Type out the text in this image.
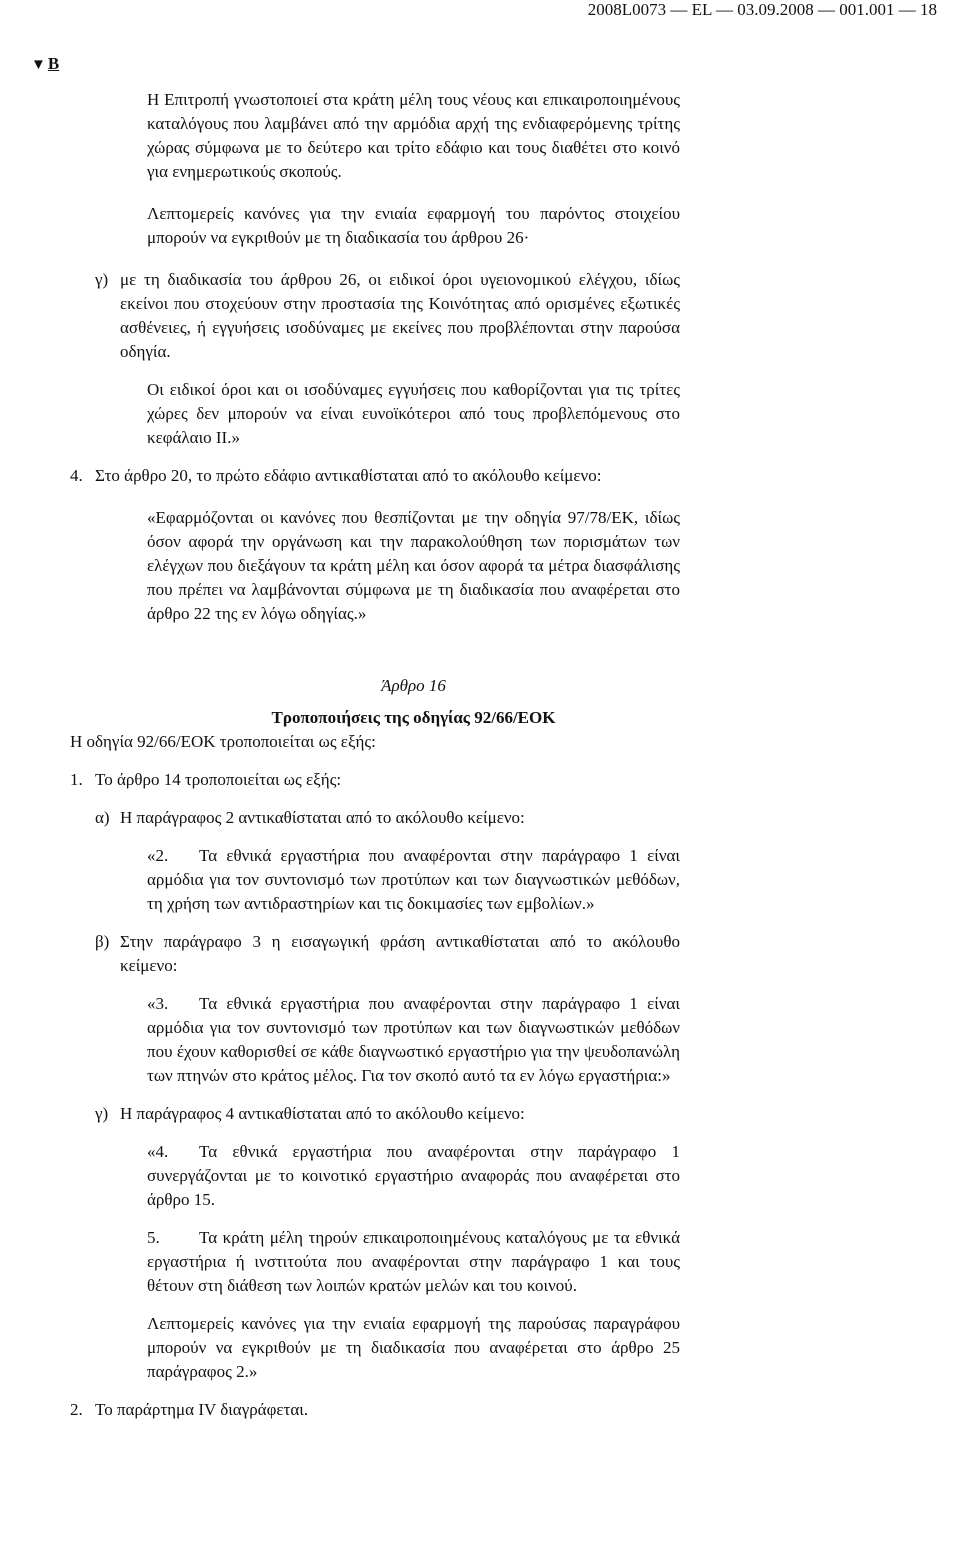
2008L0073 — EL — 03.09.2008 — 001.001 — 18
▼ B

Η Επιτροπή γνωστοποιεί στα κράτη μέλη τους νέους και επικαιροποιημένους καταλόγους που λαμβάνει από την αρμόδια αρχή της ενδιαφερόμενης τρίτης χώρας σύμφωνα με το δεύτερο και τρίτο εδάφιο και τους διαθέτει στο κοινό για ενημερωτικούς σκοπούς.

Λεπτομερείς κανόνες για την ενιαία εφαρμογή του παρόντος στοιχείου μπορούν να εγκριθούν με τη διαδικασία του άρθρου 26·

γ) με τη διαδικασία του άρθρου 26, οι ειδικοί όροι υγειονομικού ελέγχου, ιδίως εκείνοι που στοχεύουν στην προστασία της Κοινότητας από ορισμένες εξωτικές ασθένειες, ή εγγυήσεις ισοδύναμες με εκείνες που προβλέπονται στην παρούσα οδηγία.

Οι ειδικοί όροι και οι ισοδύναμες εγγυήσεις που καθορίζονται για τις τρίτες χώρες δεν μπορούν να είναι ευνοϊκότεροι από τους προβλεπόμενους στο κεφάλαιο ΙΙ.»

4. Στο άρθρο 20, το πρώτο εδάφιο αντικαθίσταται από το ακόλουθο κείμενο:

«Εφαρμόζονται οι κανόνες που θεσπίζονται με την οδηγία 97/78/ΕΚ, ιδίως όσον αφορά την οργάνωση και την παρακολούθηση των πορισμάτων των ελέγχων που διεξάγουν τα κράτη μέλη και όσον αφορά τα μέτρα διασφάλισης που πρέπει να λαμβάνονται σύμφωνα με τη διαδικασία που αναφέρεται στο άρθρο 22 της εν λόγω οδηγίας.»

Άρθρο 16
Τροποποιήσεις της οδηγίας 92/66/ΕΟΚ

Η οδηγία 92/66/ΕΟΚ τροποποιείται ως εξής:

1. Το άρθρο 14 τροποποιείται ως εξής:
α) Η παράγραφος 2 αντικαθίσταται από το ακόλουθο κείμενο:

«2. Τα εθνικά εργαστήρια που αναφέρονται στην παράγραφο 1 είναι αρμόδια για τον συντονισμό των προτύπων και των διαγνωστικών μεθόδων, τη χρήση των αντιδραστηρίων και τις δοκιμασίες των εμβολίων.»

β) Στην παράγραφο 3 η εισαγωγική φράση αντικαθίσταται από το ακόλουθο κείμενο:

«3. Τα εθνικά εργαστήρια που αναφέρονται στην παράγραφο 1 είναι αρμόδια για τον συντονισμό των προτύπων και των διαγνωστικών μεθόδων που έχουν καθορισθεί σε κάθε διαγνωστικό εργαστήριο για την ψευδοπανώλη των πτηνών στο κράτος μέλος. Για τον σκοπό αυτό τα εν λόγω εργαστήρια:»

γ) Η παράγραφος 4 αντικαθίσταται από το ακόλουθο κείμενο:

«4. Τα εθνικά εργαστήρια που αναφέρονται στην παράγραφο 1 συνεργάζονται με το κοινοτικό εργαστήριο αναφοράς που αναφέρεται στο άρθρο 15.

5. Τα κράτη μέλη τηρούν επικαιροποιημένους καταλόγους με τα εθνικά εργαστήρια ή ινστιτούτα που αναφέρονται στην παράγραφο 1 και τους θέτουν στη διάθεση των λοιπών κρατών μελών και του κοινού.

Λεπτομερείς κανόνες για την ενιαία εφαρμογή της παρούσας παραγράφου μπορούν να εγκριθούν με τη διαδικασία που αναφέρεται στο άρθρο 25 παράγραφος 2.»

2. Το παράρτημα IV διαγράφεται.
